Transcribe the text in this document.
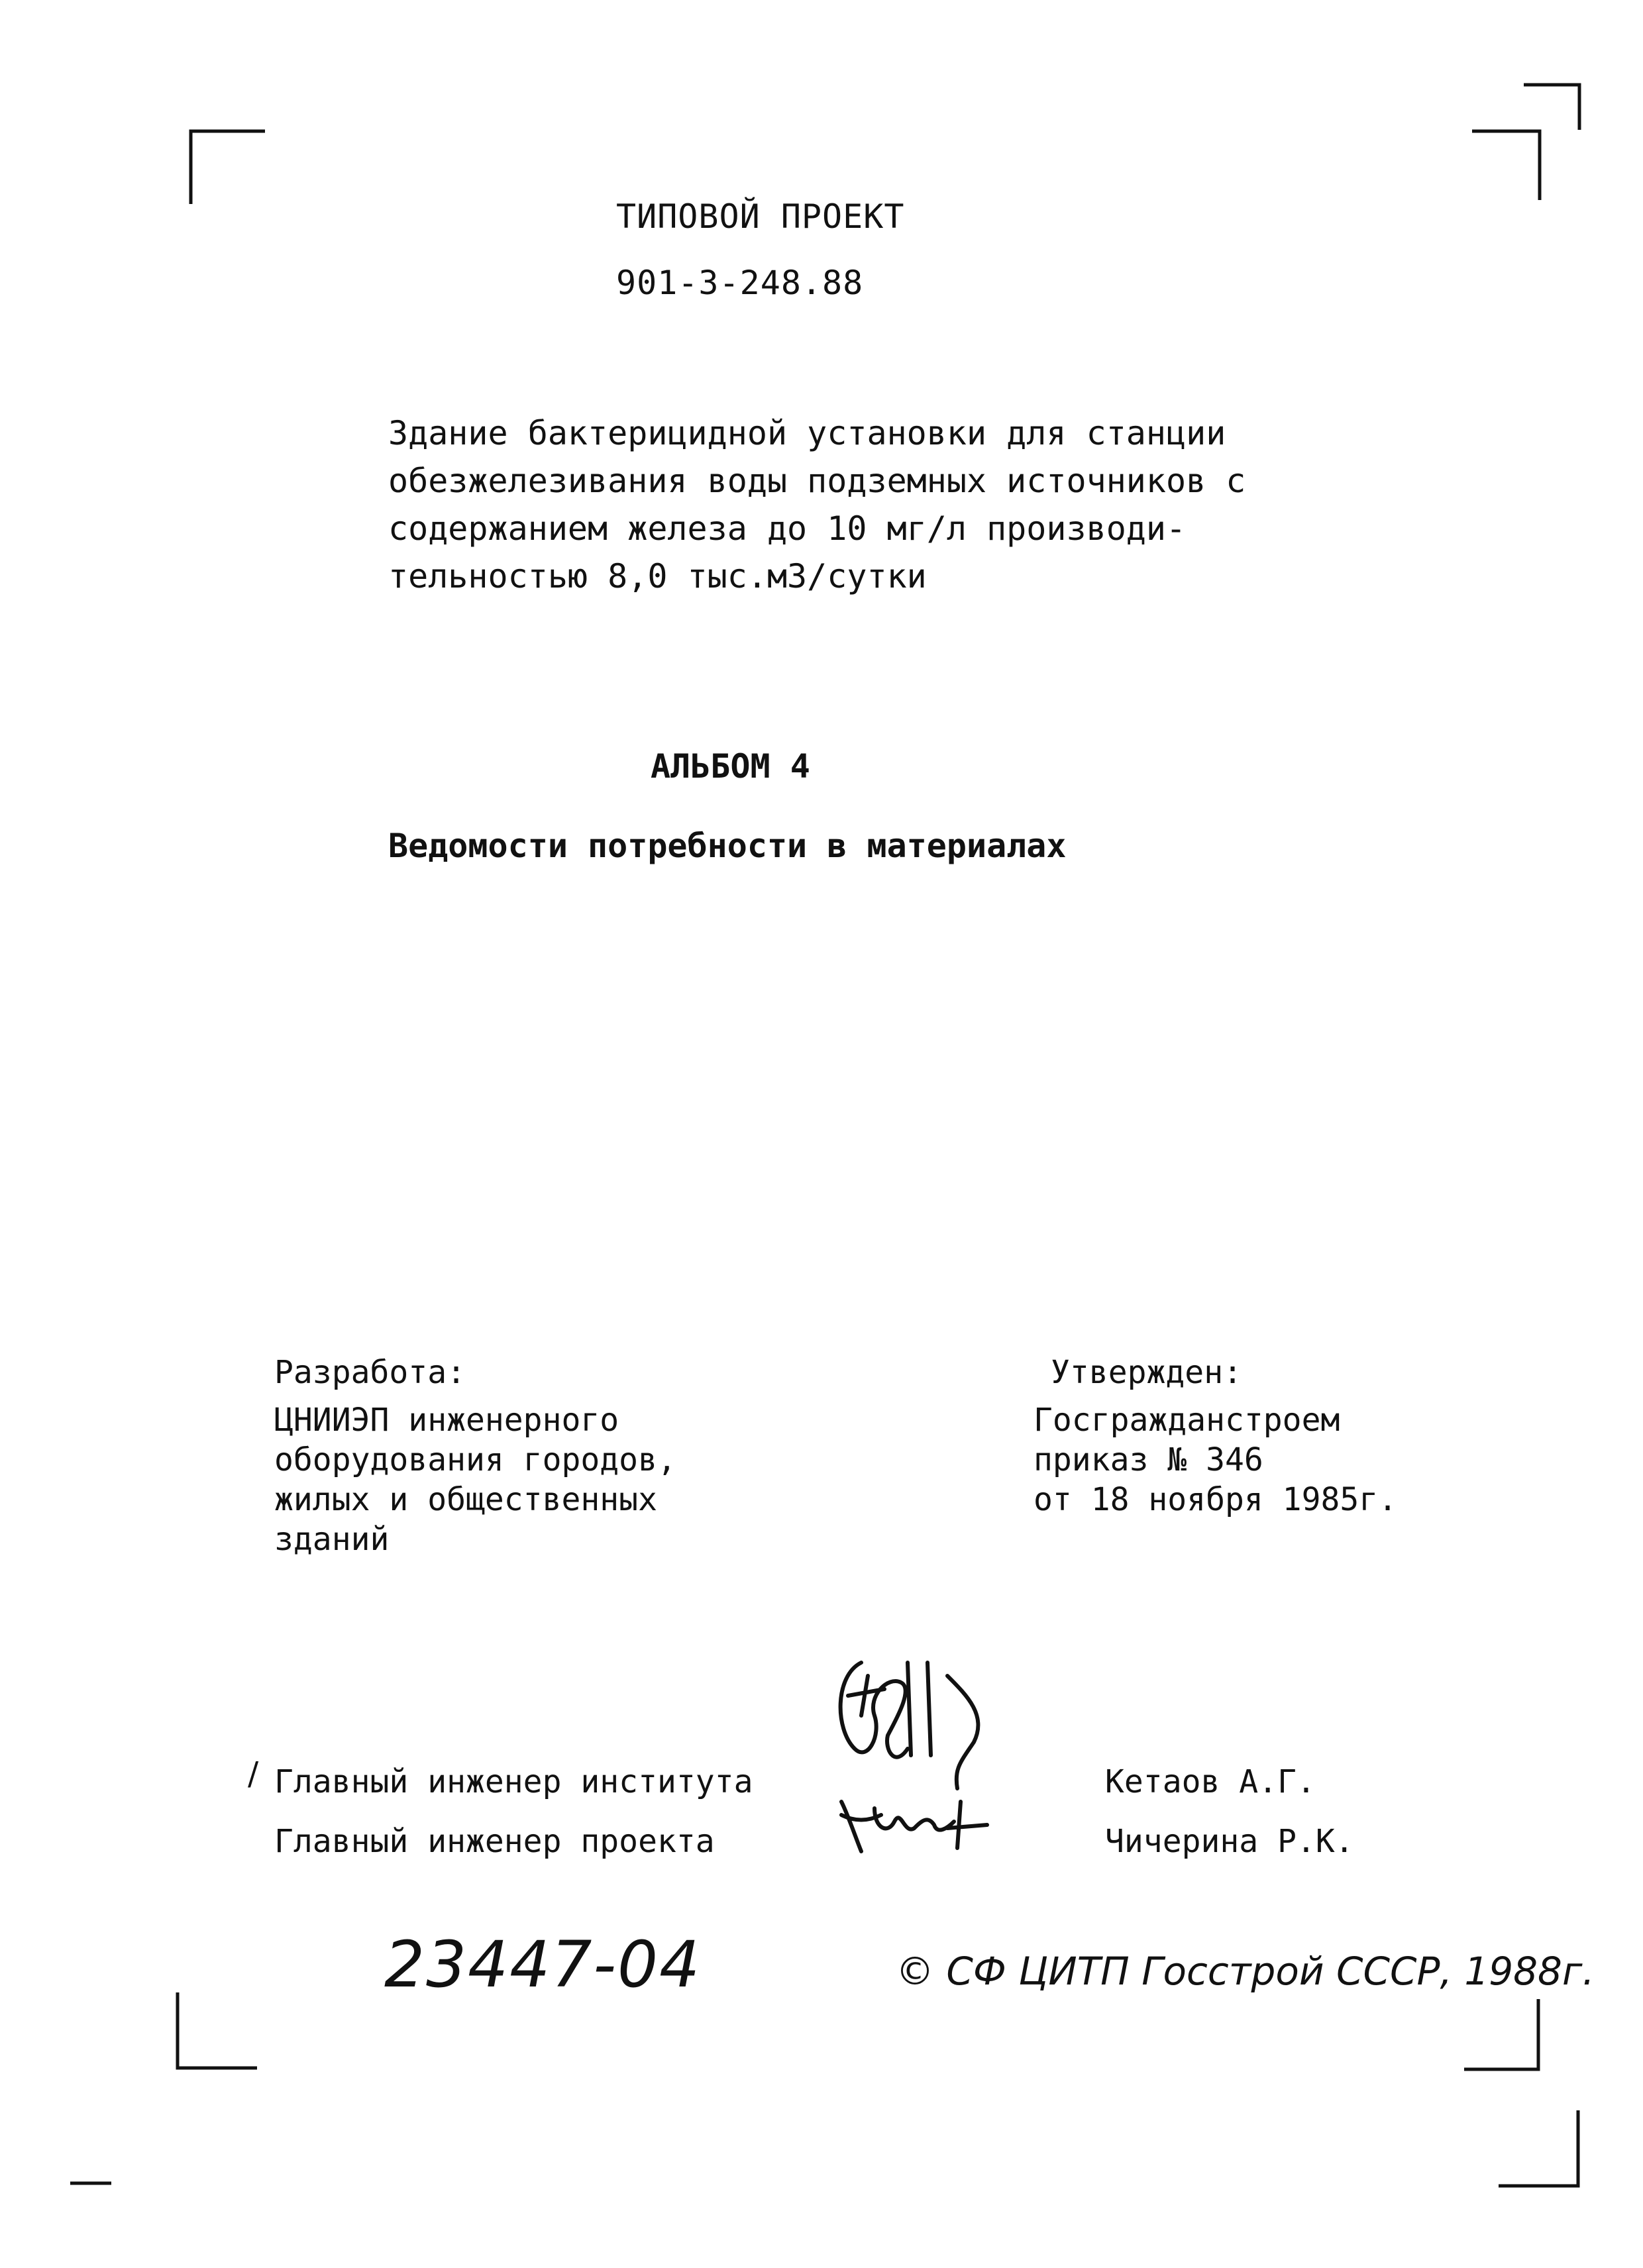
ТИПОВОЙ ПРОЕКТ
901-3-248.88
Здание бактерицидной установки для станции
обезжелезивания воды подземных источников с
содержанием железа до 10 мг/л производи-
тельностью 8,0 тыс.м3/сутки
АЛЬБОМ 4
Ведомости потребности в материалах
Разработа:
ЦНИИЭП инженерного
оборудования городов,
жилых и общественных
зданий
Утвержден:
Госгражданстроем
приказ № 346
от 18 ноября 1985г.
/ Главный инженер института
Главный инженер проекта
Кетаов А.Г.
Чичерина Р.К.
23447-04	© СФ ЦИТП Госстрой СССР, 1988г.
